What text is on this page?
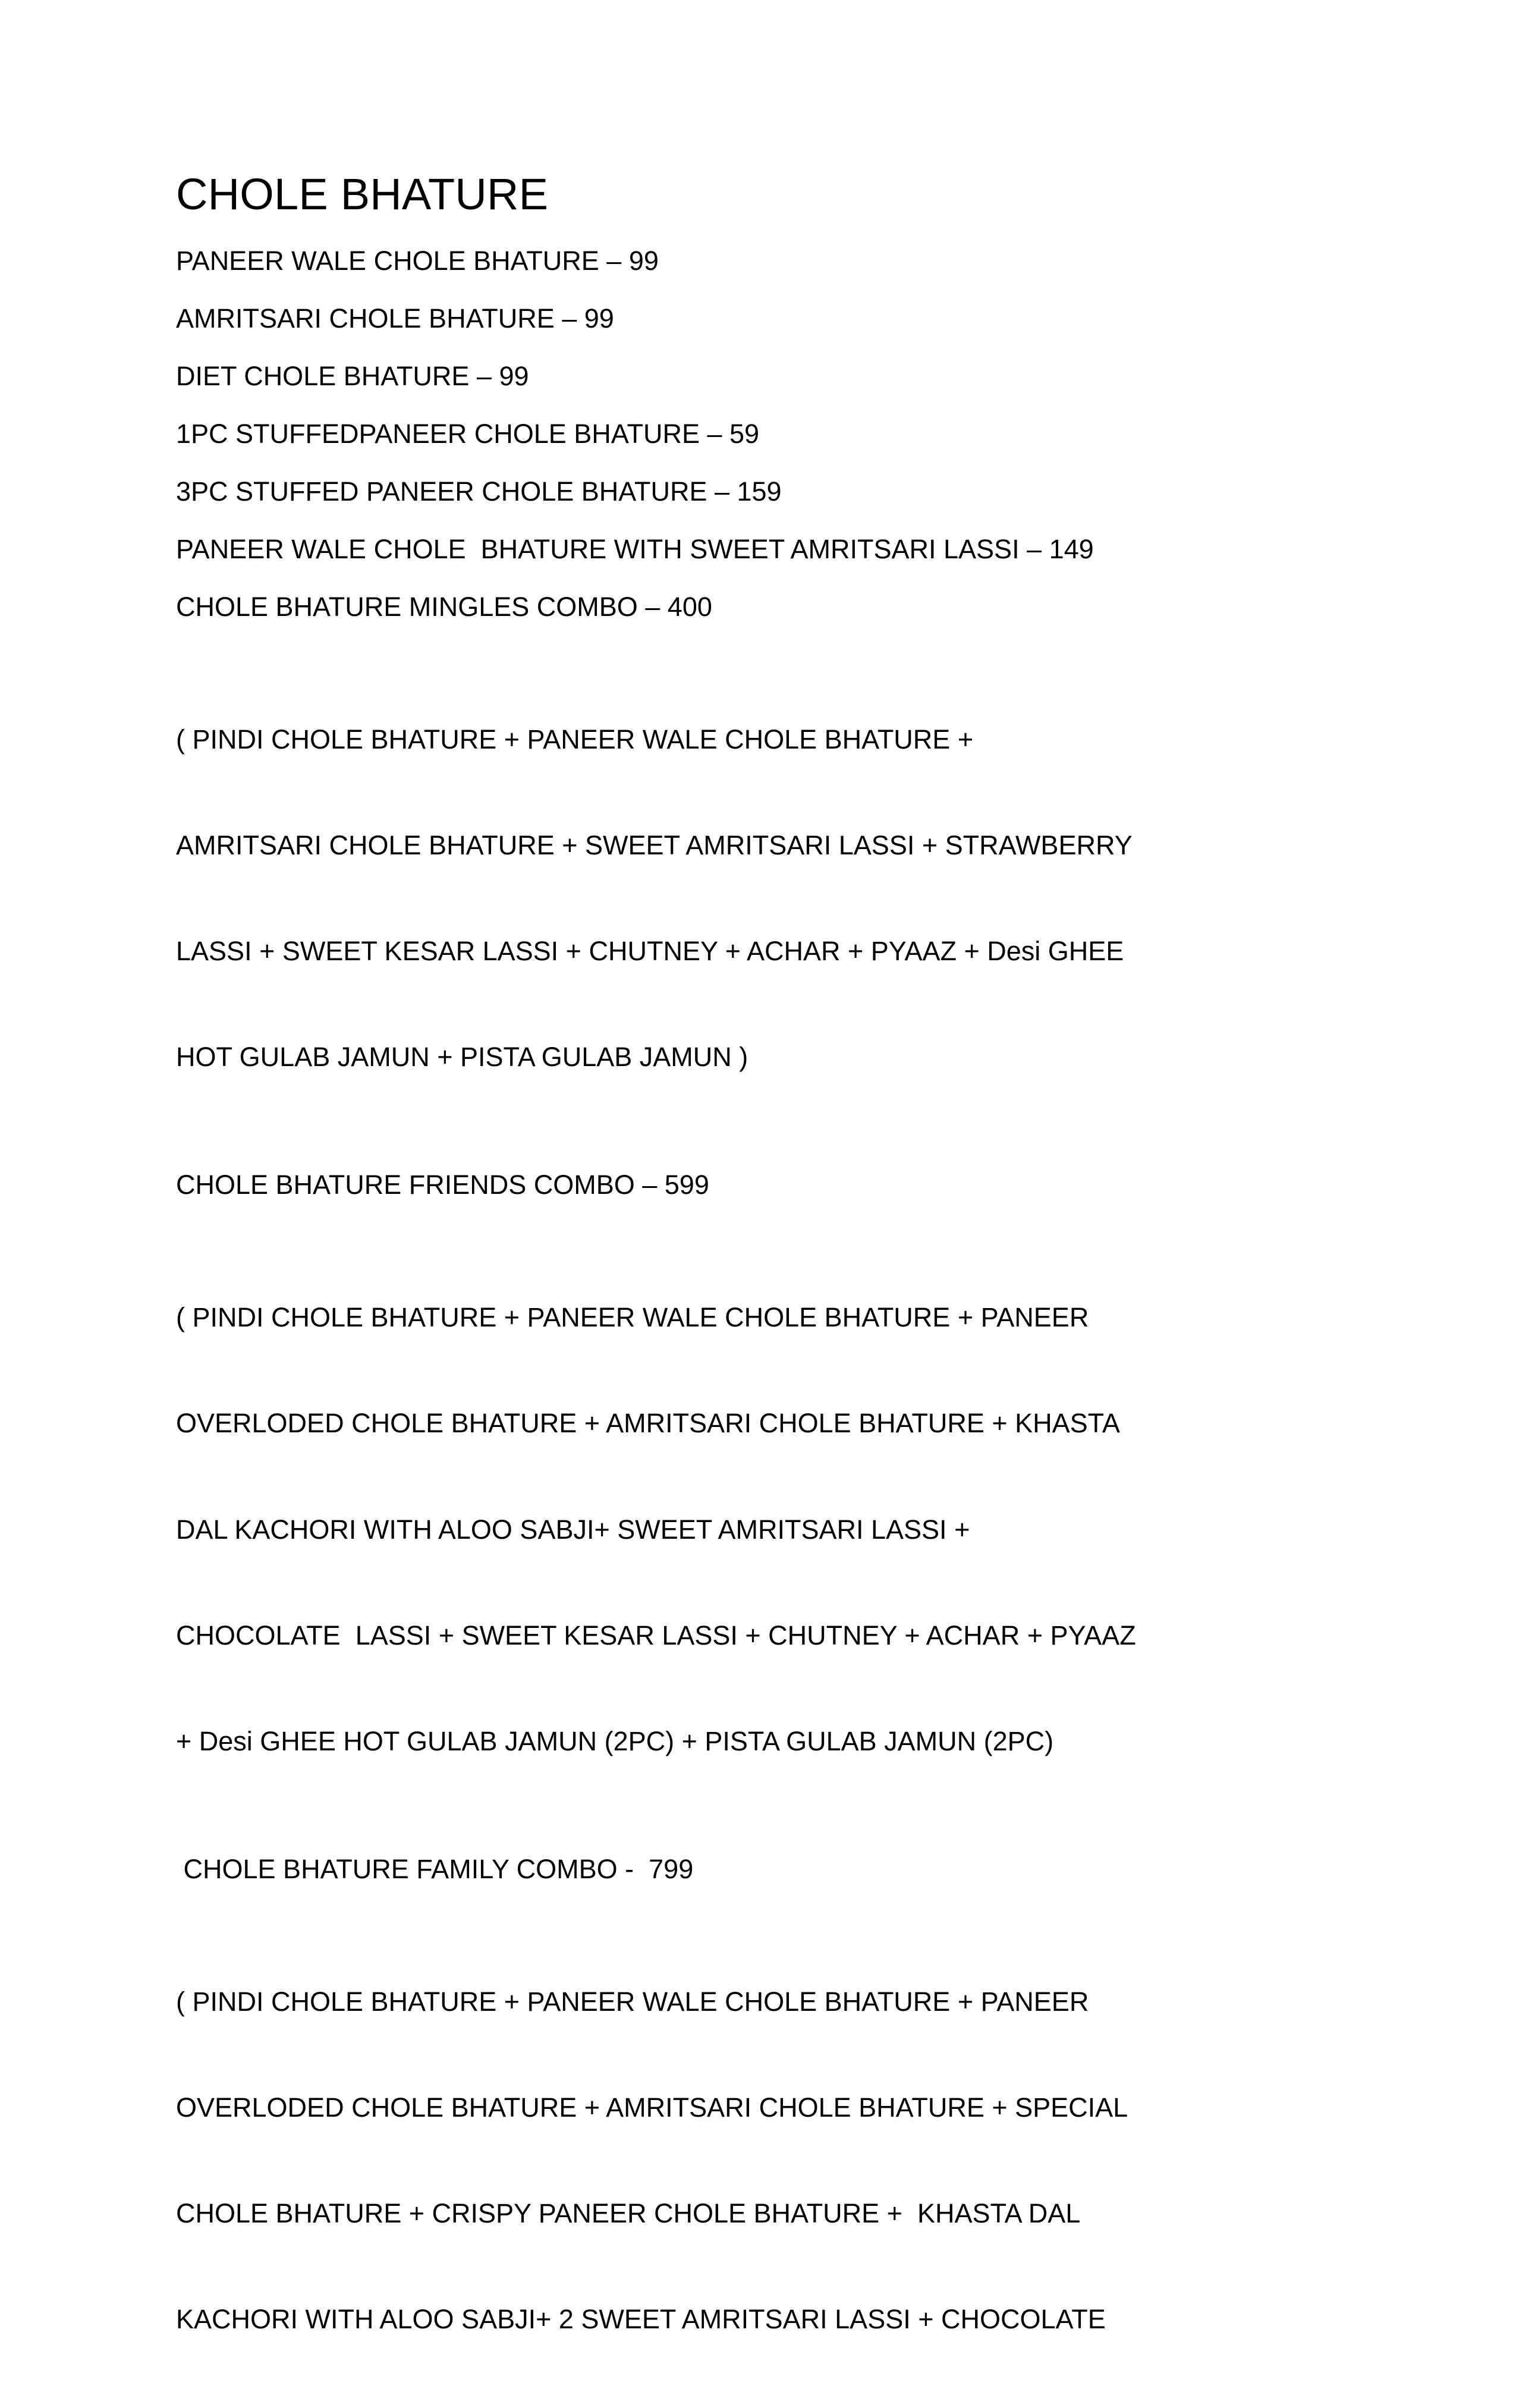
CHOLE BHATURE

PANEER WALE CHOLE BHATURE – 99

AMRITSARI CHOLE BHATURE – 99

DIET CHOLE BHATURE – 99

1PC STUFFEDPANEER CHOLE BHATURE – 59

3PC STUFFED PANEER CHOLE BHATURE – 159

PANEER WALE CHOLE  BHATURE WITH SWEET AMRITSARI LASSI – 149

CHOLE BHATURE MINGLES COMBO – 400

( PINDI CHOLE BHATURE + PANEER WALE CHOLE BHATURE +

AMRITSARI CHOLE BHATURE + SWEET AMRITSARI LASSI + STRAWBERRY

LASSI + SWEET KESAR LASSI + CHUTNEY + ACHAR + PYAAZ + Desi GHEE

HOT GULAB JAMUN + PISTA GULAB JAMUN )

CHOLE BHATURE FRIENDS COMBO – 599

( PINDI CHOLE BHATURE + PANEER WALE CHOLE BHATURE + PANEER

OVERLODED CHOLE BHATURE + AMRITSARI CHOLE BHATURE + KHASTA

DAL KACHORI WITH ALOO SABJI+ SWEET AMRITSARI LASSI +

CHOCOLATE  LASSI + SWEET KESAR LASSI + CHUTNEY + ACHAR + PYAAZ

+ Desi GHEE HOT GULAB JAMUN (2PC) + PISTA GULAB JAMUN (2PC)

CHOLE BHATURE FAMILY COMBO -  799

( PINDI CHOLE BHATURE + PANEER WALE CHOLE BHATURE + PANEER

OVERLODED CHOLE BHATURE + AMRITSARI CHOLE BHATURE + SPECIAL

CHOLE BHATURE + CRISPY PANEER CHOLE BHATURE +  KHASTA DAL

KACHORI WITH ALOO SABJI+ 2 SWEET AMRITSARI LASSI + CHOCOLATE
